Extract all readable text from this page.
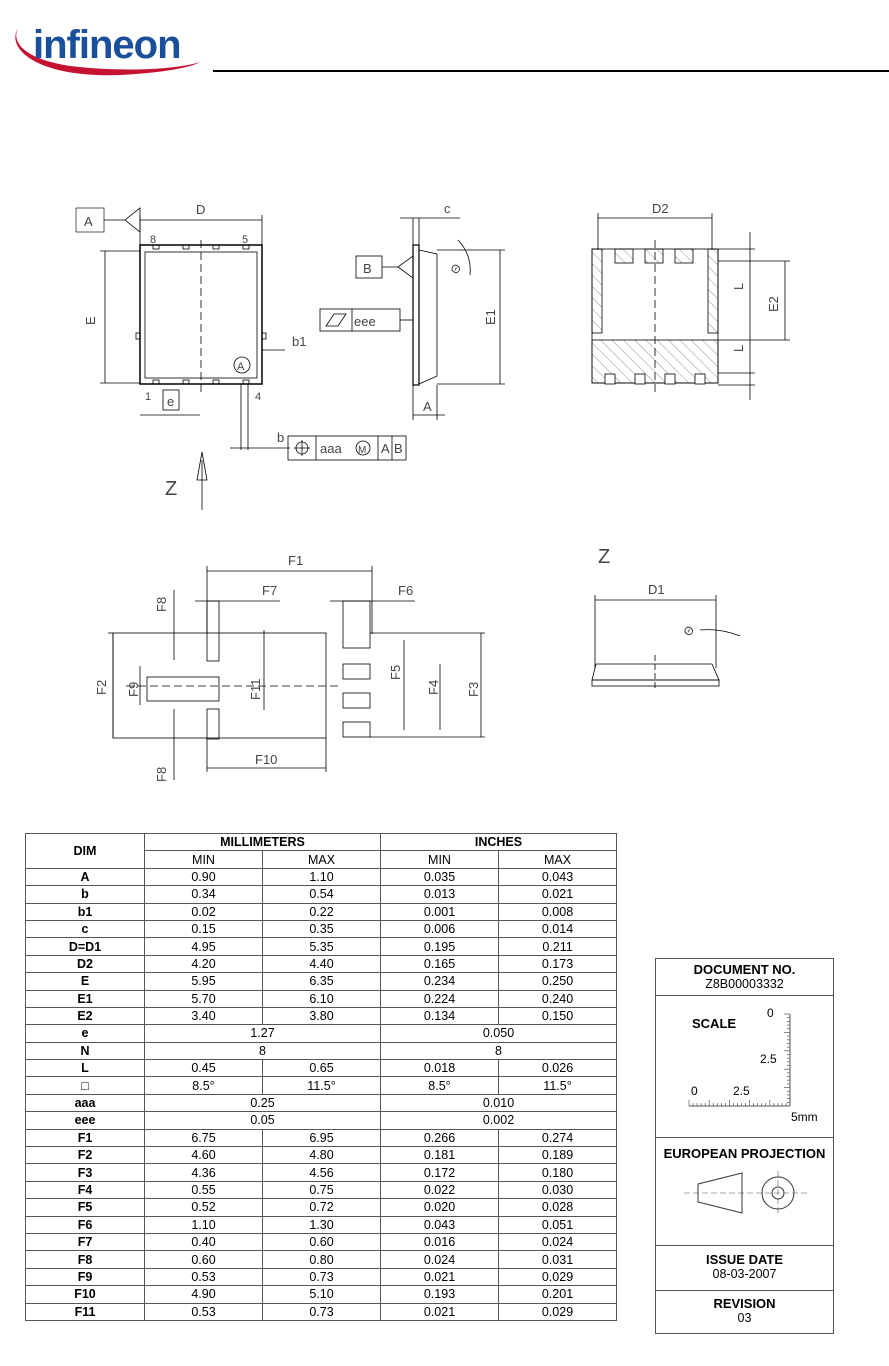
infineon
A
D
8	5
A
E
b1
1	4
e
b
aaa M A B
Z
c
B
eee	E1
A
Θ
D2
L
L
E2
F1
F7	F6
F2 F9
F8
F8
F11
F10
F5
F4 F3
Z
D1
Θ
DIM	MILLIMETERS		INCHES	
	MIN	MAX	MIN	MAX
A	0.90	1.10	0.035	0.043
b	0.34	0.54	0.013	0.021
b1	0.02	0.22	0.001	0.008
c	0.15	0.35	0.006	0.014
D=D1	4.95	5.35	0.195	0.211
D2	4.20	4.40	0.165	0.173
E	5.95	6.35	0.234	0.250
E1	5.70	6.10	0.224	0.240
E2	3.40	3.80	0.134	0.150
e	1.27		0.050	
N	8		8	
L	0.45	0.65	0.018	0.026
□	8.5°	11.5°	8.5°	11.5°
aaa	0.25		0.010	
eee	0.05		0.002	
F1	6.75	6.95	0.266	0.274
F2	4.60	4.80	0.181	0.189
F3	4.36	4.56	0.172	0.180
F4	0.55	0.75	0.022	0.030
F5	0.52	0.72	0.020	0.028
F6	1.10	1.30	0.043	0.051
F7	0.40	0.60	0.016	0.024
F8	0.60	0.80	0.024	0.031
F9	0.53	0.73	0.021	0.029
F10	4.90	5.10	0.193	0.201
F11	0.53	0.73	0.021	0.029
DOCUMENT NO.
Z8B00003332
SCALE
0
2.5
0	2.5
5mm
EUROPEAN PROJECTION
ISSUE DATE
08-03-2007
REVISION
03
